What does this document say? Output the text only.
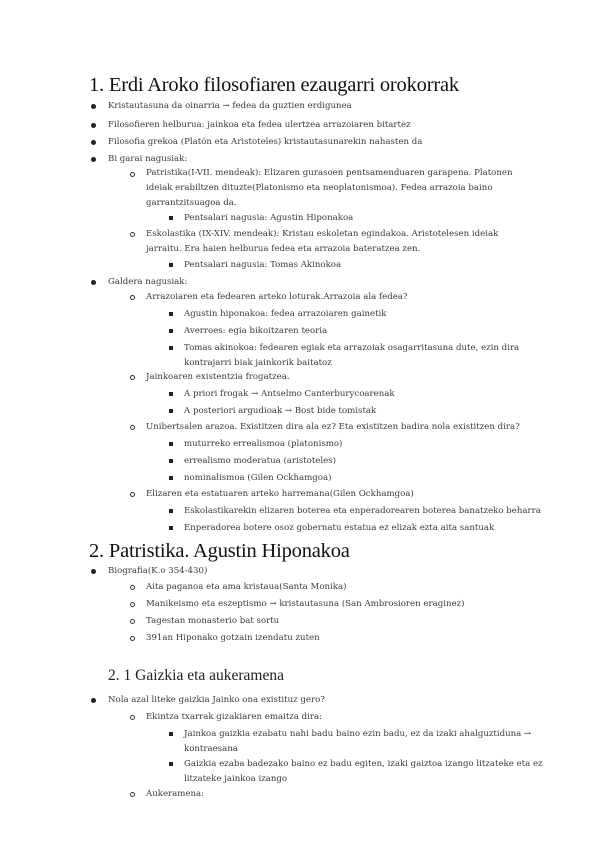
1. Erdi Aroko filosofiaren ezaugarri orokorrak
Kristautasuna da oinarria → fedea da guztien erdigunea
Filosofieren helburua: jainkoa eta fedea ulertzea arrazoiaren bitartez
Filosofia grekoa (Platón eta Aristoteles) kristautasunarekin nahasten da
Bi garai nagusiak:
Patristika(I-VII. mendeak): Elizaren gurasoen pentsamenduaren garapena. Platonen
ideiak erabiltzen dituzte(Platonismo eta neoplatonismoa). Fedea arrazoia baino
garrantzitsuagoa da.
Pentsalari nagusia: Agustin Hiponakoa
Eskolastika (IX-XIV. mendeak): Kristau eskoletan egindakoa. Aristotelesen ideiak
jarraitu. Era haien helburua fedea eta arrazoia bateratzea zen.
Pentsalari nagusia: Tomas Akinokoa
Galdera nagusiak:
Arrazoiaren eta fedearen arteko loturak.Arrazoia ala fedea?
Agustin hiponakoa: fedea arrazoiaren gainetik
Averroes: egia bikoitzaren teoria
Tomas akinokoa: fedearen egiak eta arrazoiak osagarritasuna dute, ezin dira
kontrajarri biak jainkorik baitatoz
Jainkoaren existentzia frogatzea.
A priori frogak → Antselmo Canterburycoarenak
A posteriori argudioak → Bost bide tomistak
Unibertsalen arazoa. Existitzen dira ala ez? Eta existitzen badira nola existitzen dira?
muturreko errealismoa (platonismo)
errealismo moderatua (aristoteles)
nominalismoa (Gilen Ockhamgoa)
Elizaren eta estatuaren arteko harremana(Gilen Ockhamgoa)
Eskolastikarekin elizaren boterea eta enperadorearen boterea banatzeko beharra
Enperadorea botere osoz gobernatu estatua ez elizak ezta aita santuak
2. Patristika. Agustin Hiponakoa
Biografia(K.o 354-430)
Aita paganoa eta ama kristaua(Santa Monika)
Manikeismo eta eszeptismo → kristautasuna (San Ambrosioren eraginez)
Tagestan monasterio bat sortu
391an Hiponako gotzain izendatu zuten
2. 1 Gaizkia eta aukeramena
Nola azal liteke gaizkia Jainko ona existituz gero?
Ekintza txarrak gizakiaren emaitza dira:
Jainkoa gaizkia ezabatu nahi badu baino ezin badu, ez da izaki ahalguztiduna →
kontraesana
Gaizkia ezaba badezako baino ez badu egiten, izaki gaiztoa izango litzateke eta ez
litzateke jainkoa izango
Aukeramena:
